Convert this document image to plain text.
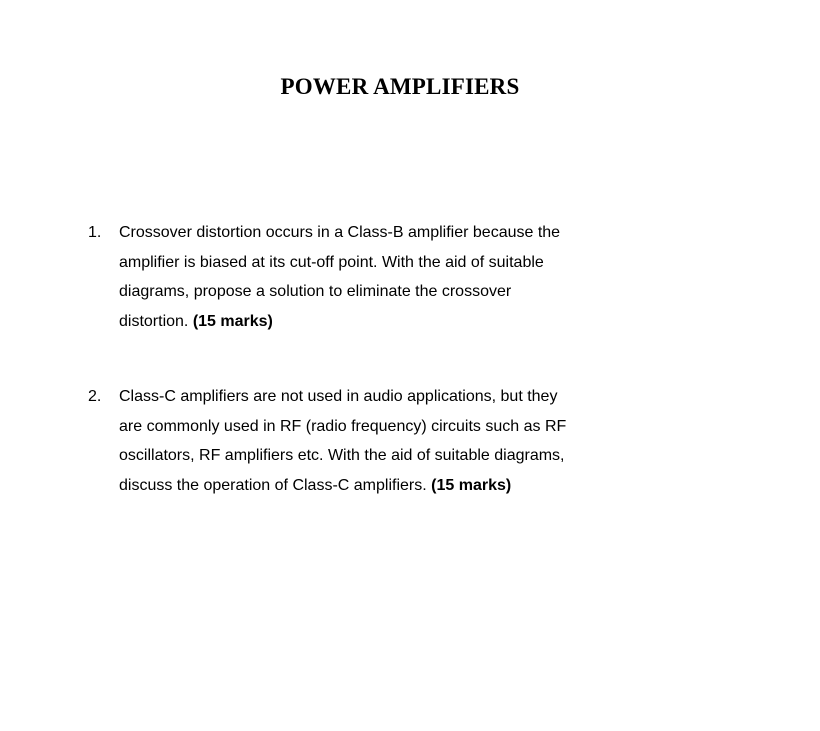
POWER AMPLIFIERS
1.	Crossover distortion occurs in a Class-B amplifier because the
amplifier is biased at its cut-off point. With the aid of suitable
diagrams, propose a solution to eliminate the crossover
distortion. (15 marks)
2.	Class-C amplifiers are not used in audio applications, but they
are commonly used in RF (radio frequency) circuits such as RF
oscillators, RF amplifiers etc. With the aid of suitable diagrams,
discuss the operation of Class-C amplifiers. (15 marks)
